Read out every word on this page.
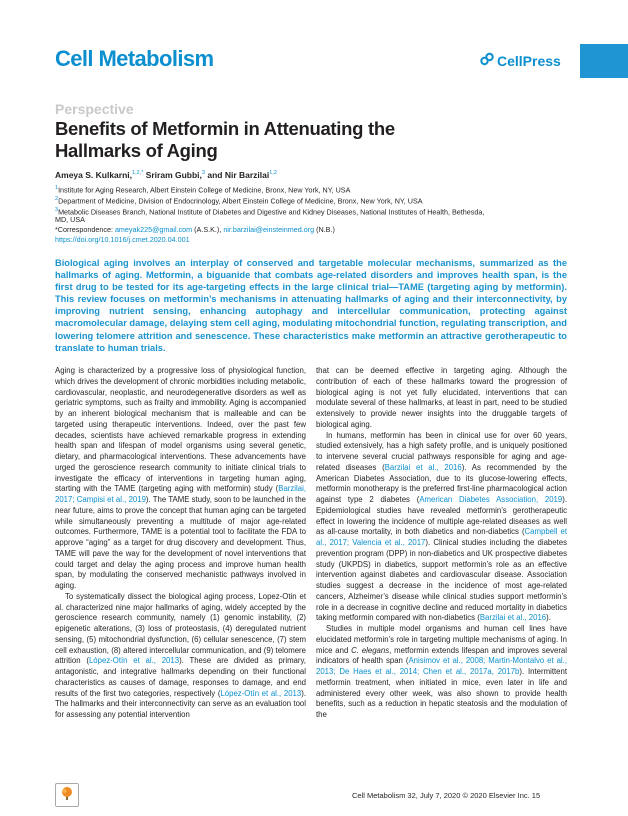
Cell Metabolism	CellPress
Perspective
Benefits of Metformin in Attenuating the Hallmarks of Aging
Ameya S. Kulkarni,$^{1,2,*}$ Sriram Gubbi,$^3$ and Nir Barzilai$^{1,2}$
$^1$Institute for Aging Research, Albert Einstein College of Medicine, Bronx, New York, NY, USA
$^2$Department of Medicine, Division of Endocrinology, Albert Einstein College of Medicine, Bronx, New York, NY, USA
$^3$Metabolic Diseases Branch, National Institute of Diabetes and Digestive and Kidney Diseases, National Institutes of Health, Bethesda,
MD, USA
*Correspondence: ameyak225@gmail.com (A.S.K.), nir.barzilai@einsteinmed.org (N.B.)
https://doi.org/10.1016/j.cmet.2020.04.001

Biological aging involves an interplay of conserved and targetable molecular mechanisms, summarized as the hallmarks of aging. Metformin, a biguanide that combats age-related disorders and improves health span, is the first drug to be tested for its age-targeting effects in the large clinical trial—TAME (targeting aging by metformin). This review focuses on metformin’s mechanisms in attenuating hallmarks of aging and their interconnectivity, by improving nutrient sensing, enhancing autophagy and intercellular communication, protecting against macromolecular damage, delaying stem cell aging, modulating mitochondrial function, regulating transcription, and lowering telomere attrition and senescence. These characteristics make metformin an attractive gerotherapeutic to translate to human trials.

Aging is characterized by a progressive loss of physiological function, which drives the development of chronic morbidities including metabolic, cardiovascular, neoplastic, and neurodegenerative disorders as well as geriatric symptoms, such as frailty and immobility. Aging is accompanied by an inherent biological mechanism that is malleable and can be targeted using therapeutic interventions. Indeed, over the past few decades, scientists have achieved remarkable progress in extending health span and lifespan of model organisms using several genetic, dietary, and pharmacological interventions. These advancements have urged the geroscience research community to initiate clinical trials to investigate the efficacy of interventions in targeting human aging, starting with the TAME (targeting aging with metformin) study (Barzilai, 2017; Campisi et al., 2019). The TAME study, soon to be launched in the near future, aims to prove the concept that human aging can be targeted while simultaneously preventing a multitude of major age-related outcomes. Furthermore, TAME is a potential tool to facilitate the FDA to approve “aging” as a target for drug discovery and development. Thus, TAME will pave the way for the development of novel interventions that could target and delay the aging process and improve human health span, by modulating the conserved mechanistic pathways involved in aging.

To systematically dissect the biological aging process, Lopez-Otin et al. characterized nine major hallmarks of aging, widely accepted by the geroscience research community, namely (1) genomic instability, (2) epigenetic alterations, (3) loss of proteostasis, (4) deregulated nutrient sensing, (5) mitochondrial dysfunction, (6) cellular senescence, (7) stem cell exhaustion, (8) altered intercellular communication, and (9) telomere attrition (López-Otín et al., 2013). These are divided as primary, antagonistic, and integrative hallmarks depending on their functional characteristics as causes of damage, responses to damage, and end results of the first two categories, respectively (López-Otín et al., 2013). The hallmarks and their interconnectivity can serve as an evaluation tool for assessing any potential intervention

that can be deemed effective in targeting aging. Although the contribution of each of these hallmarks toward the progression of biological aging is not yet fully elucidated, interventions that can modulate several of these hallmarks, at least in part, need to be studied extensively to provide newer insights into the druggable targets of biological aging.

In humans, metformin has been in clinical use for over 60 years, studied extensively, has a high safety profile, and is uniquely positioned to intervene several crucial pathways responsible for aging and age-related diseases (Barzilai et al., 2016). As recommended by the American Diabetes Association, due to its glucose-lowering effects, metformin monotherapy is the preferred first-line pharmacological action against type 2 diabetes (American Diabetes Association, 2019). Epidemiological studies have revealed metformin’s gerotherapeutic effect in lowering the incidence of multiple age-related diseases as well as all-cause mortality, in both diabetics and non-diabetics (Campbell et al., 2017; Valencia et al., 2017). Clinical studies including the diabetes prevention program (DPP) in non-diabetics and UK prospective diabetes study (UKPDS) in diabetics, support metformin’s role as an effective intervention against diabetes and cardiovascular disease. Association studies suggest a decrease in the incidence of most age-related cancers, Alzheimer’s disease while clinical studies support metformin’s role in a decrease in cognitive decline and reduced mortality in diabetics taking metformin compared with non-diabetics (Barzilai et al., 2016).

Studies in multiple model organisms and human cell lines have elucidated metformin’s role in targeting multiple mechanisms of aging. In mice and C. elegans, metformin extends lifespan and improves several indicators of health span (Anisimov et al., 2008; Martin-Montalvo et al., 2013; De Haes et al., 2014; Chen et al., 2017a, 2017b). Intermittent metformin treatment, when initiated in mice, even later in life and administered every other week, was also shown to provide health benefits, such as a reduction in hepatic steatosis and the modulation of the

Cell Metabolism 32, July 7, 2020 © 2020 Elsevier Inc. 15
